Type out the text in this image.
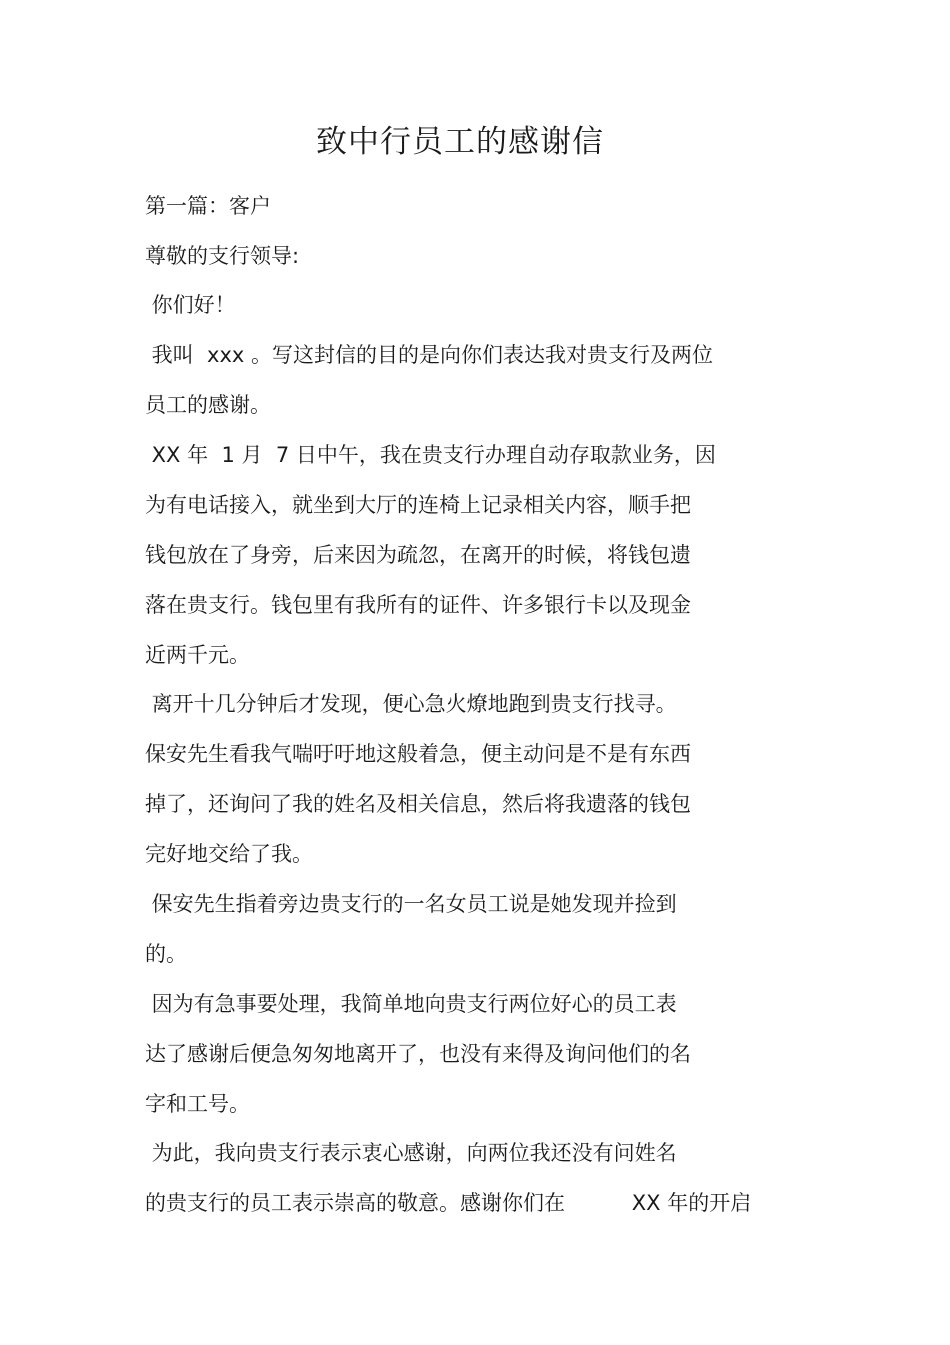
致中行员工的感谢信

第一篇：客户

尊敬的支行领导:

你们好！

我叫  xxx 。写这封信的目的是向你们表达我对贵支行及两位

员工的感谢。

XX 年  1 月  7 日中午，我在贵支行办理自动存取款业务，因

为有电话接入，就坐到大厅的连椅上记录相关内容，顺手把

钱包放在了身旁，后来因为疏忽，在离开的时候，将钱包遗

落在贵支行。钱包里有我所有的证件、许多银行卡以及现金

近两千元。

离开十几分钟后才发现，便心急火燎地跑到贵支行找寻。

保安先生看我气喘吁吁地这般着急，便主动问是不是有东西

掉了，还询问了我的姓名及相关信息，然后将我遗落的钱包

完好地交给了我。

保安先生指着旁边贵支行的一名女员工说是她发现并捡到

的。

因为有急事要处理，我简单地向贵支行两位好心的员工表

达了感谢后便急匆匆地离开了，也没有来得及询问他们的名

字和工号。

为此，我向贵支行表示衷心感谢，向两位我还没有问姓名

的贵支行的员工表示崇高的敬意。感谢你们在          XX 年的开启
